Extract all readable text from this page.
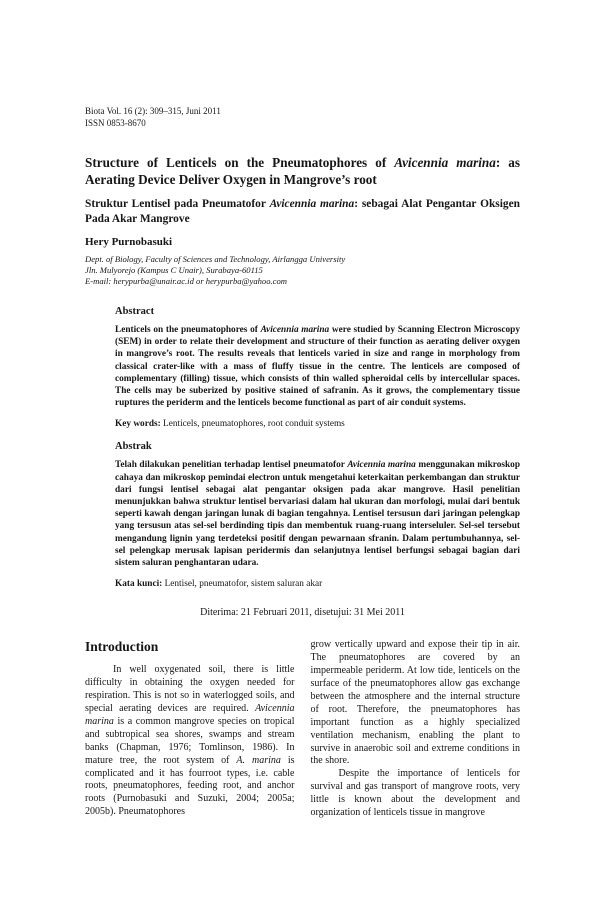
Biota Vol. 16 (2): 309–315, Juni 2011
ISSN 0853-8670
Structure of Lenticels on the Pneumatophores of Avicennia marina: as Aerating Device Deliver Oxygen in Mangrove’s root
Struktur Lentisel pada Pneumatofor Avicennia marina: sebagai Alat Pengantar Oksigen Pada Akar Mangrove
Hery Purnobasuki
Dept. of Biology, Faculty of Sciences and Technology, Airlangga University
Jln. Mulyorejo (Kampus C Unair), Surabaya-60115
E-mail: herypurba@unair.ac.id or herypurba@yahoo.com
Abstract

Lenticels on the pneumatophores of Avicennia marina were studied by Scanning Electron Microscopy (SEM) in order to relate their development and structure of their function as aerating deliver oxygen in mangrove’s root. The results reveals that lenticels varied in size and range in morphology from classical crater-like with a mass of fluffy tissue in the centre. The lenticels are composed of complementary (filling) tissue, which consists of thin walled spheroidal cells by intercellular spaces. The cells may be suberized by positive stained of safranin. As it grows, the complementary tissue ruptures the periderm and the lenticels become functional as part of air conduit systems.

Key words: Lenticels, pneumatophores, root conduit systems

Abstrak

Telah dilakukan penelitian terhadap lentisel pneumatofor Avicennia marina menggunakan mikroskop cahaya dan mikroskop pemindai electron untuk mengetahui keterkaitan perkembangan dan struktur dari fungsi lentisel sebagai alat pengantar oksigen pada akar mangrove. Hasil penelitian menunjukkan bahwa struktur lentisel bervariasi dalam hal ukuran dan morfologi, mulai dari bentuk seperti kawah dengan jaringan lunak di bagian tengahnya. Lentisel tersusun dari jaringan pelengkap yang tersusun atas sel-sel berdinding tipis dan membentuk ruang-ruang interseluler. Sel-sel tersebut mengandung lignin yang terdeteksi positif dengan pewarnaan sfranin. Dalam pertumbuhannya, sel-sel pelengkap merusak lapisan peridermis dan selanjutnya lentisel berfungsi sebagai bagian dari sistem saluran penghantaran udara.

Kata kunci: Lentisel, pneumatofor, sistem saluran akar

Diterima: 21 Februari 2011, disetujui: 31 Mei 2011
Introduction

In well oxygenated soil, there is little difficulty in obtaining the oxygen needed for respiration. This is not so in waterlogged soils, and special aerating devices are required. Avicennia marina is a common mangrove species on tropical and subtropical sea shores, swamps and stream banks (Chapman, 1976; Tomlinson, 1986). In mature tree, the root system of A. marina is complicated and it has fourroot types, i.e. cable roots, pneumatophores, feeding root, and anchor roots (Purnobasuki and Suzuki, 2004; 2005a; 2005b). Pneumatophores

grow vertically upward and expose their tip in air. The pneumatophores are covered by an impermeable periderm. At low tide, lenticels on the surface of the pneumatophores allow gas exchange between the atmosphere and the internal structure of root. Therefore, the pneumatophores has important function as a highly specialized ventilation mechanism, enabling the plant to survive in anaerobic soil and extreme conditions in the shore.

Despite the importance of lenticels for survival and gas transport of mangrove roots, very little is known about the development and organization of lenticels tissue in mangrove
